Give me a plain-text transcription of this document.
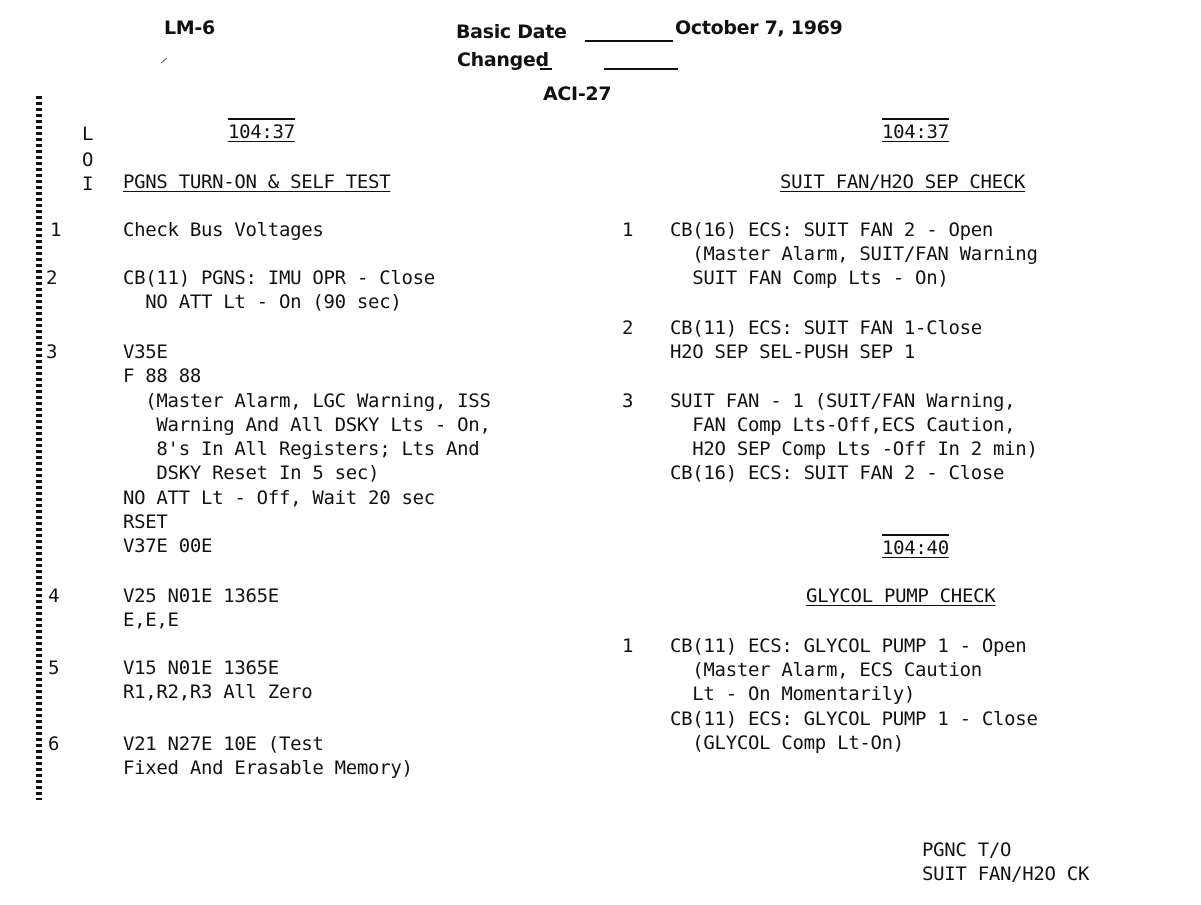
LM-6	Basic Date	October 7, 1969
Changed
ACI-27
L
O
I
104:37
PGNS TURN-ON & SELF TEST
1	Check Bus Voltages
2	CB(11) PGNS: IMU OPR - Close
NO ATT Lt - On (90 sec)
3	V35E
F 88 88
(Master Alarm, LGC Warning, ISS
Warning And All DSKY Lts - On,
8's In All Registers; Lts And
DSKY Reset In 5 sec)
NO ATT Lt - Off, Wait 20 sec
RSET
V37E 00E
4	V25 N01E 1365E
E,E,E
5	V15 N01E 1365E
R1,R2,R3 All Zero
6	V21 N27E 10E (Test
Fixed And Erasable Memory)
104:37
SUIT FAN/H2O SEP CHECK
1 CB(16) ECS: SUIT FAN 2 - Open
(Master Alarm, SUIT/FAN Warning
SUIT FAN Comp Lts - On)
2 CB(11) ECS: SUIT FAN 1-Close
H2O SEP SEL-PUSH SEP 1
3 SUIT FAN - 1 (SUIT/FAN Warning,
FAN Comp Lts-Off,ECS Caution,
H2O SEP Comp Lts -Off In 2 min)
CB(16) ECS: SUIT FAN 2 - Close
104:40
GLYCOL PUMP CHECK
1 CB(11) ECS: GLYCOL PUMP 1 - Open
(Master Alarm, ECS Caution
Lt - On Momentarily)
CB(11) ECS: GLYCOL PUMP 1 - Close
(GLYCOL Comp Lt-On)
PGNC T/O
SUIT FAN/H2O CK
